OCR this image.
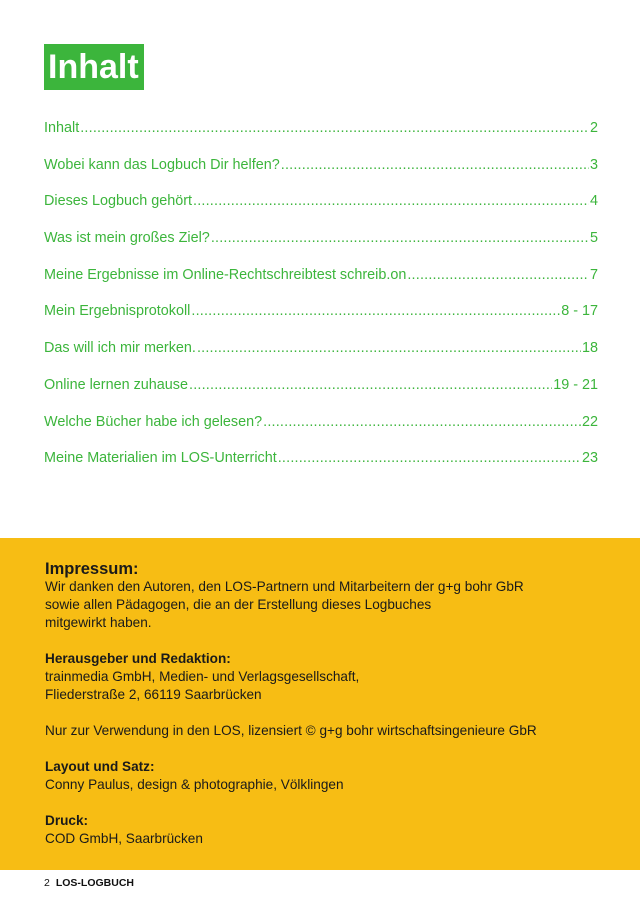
Inhalt
Inhalt .....	2
Wobei kann das Logbuch Dir helfen? .....	3
Dieses Logbuch gehört .....	4
Was ist mein großes Ziel? .....	5
Meine Ergebnisse im Online-Rechtschreibtest schreib.on .....	7
Mein Ergebnisprotokoll .....	8 - 17
Das will ich mir merken. .....	18
Online lernen zuhause .....	19 - 21
Welche Bücher habe ich gelesen? .....	22
Meine Materialien im LOS-Unterricht .....	23
Impressum:
Wir danken den Autoren, den LOS-Partnern und Mitarbeitern der g+g bohr GbR
sowie allen Pädagogen, die an der Erstellung dieses Logbuches
mitgewirkt haben.
Herausgeber und Redaktion:
trainmedia GmbH, Medien- und Verlagsgesellschaft,
Fliederstraße 2, 66119 Saarbrücken
Nur zur Verwendung in den LOS, lizensiert © g+g bohr wirtschaftsingenieure GbR
Layout und Satz:
Conny Paulus, design & photographie, Völklingen
Druck:
COD GmbH, Saarbrücken
2 LOS-LOGBUCH
